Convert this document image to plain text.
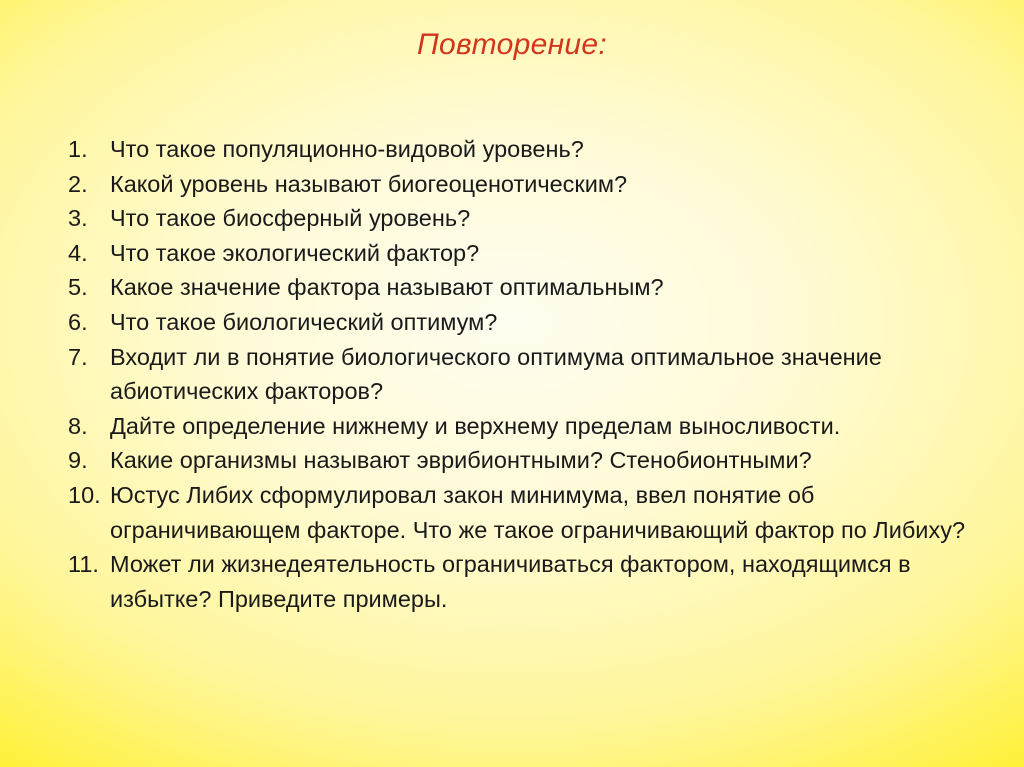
Повторение:
1. Что такое популяционно-видовой уровень?
2. Какой уровень называют биогеоценотическим?
3. Что такое биосферный уровень?
4. Что такое экологический фактор?
5. Какое значение фактора называют оптимальным?
6. Что такое биологический оптимум?
7. Входит ли в понятие биологического оптимума оптимальное значение абиотических факторов?
8. Дайте определение нижнему и верхнему пределам выносливости.
9. Какие организмы называют эврибионтными? Стенобионтными?
10. Юстус Либих сформулировал закон минимума, ввел понятие об ограничивающем факторе. Что же такое ограничивающий фактор по Либиху?
11. Может ли жизнедеятельность ограничиваться фактором, находящимся в избытке? Приведите примеры.
